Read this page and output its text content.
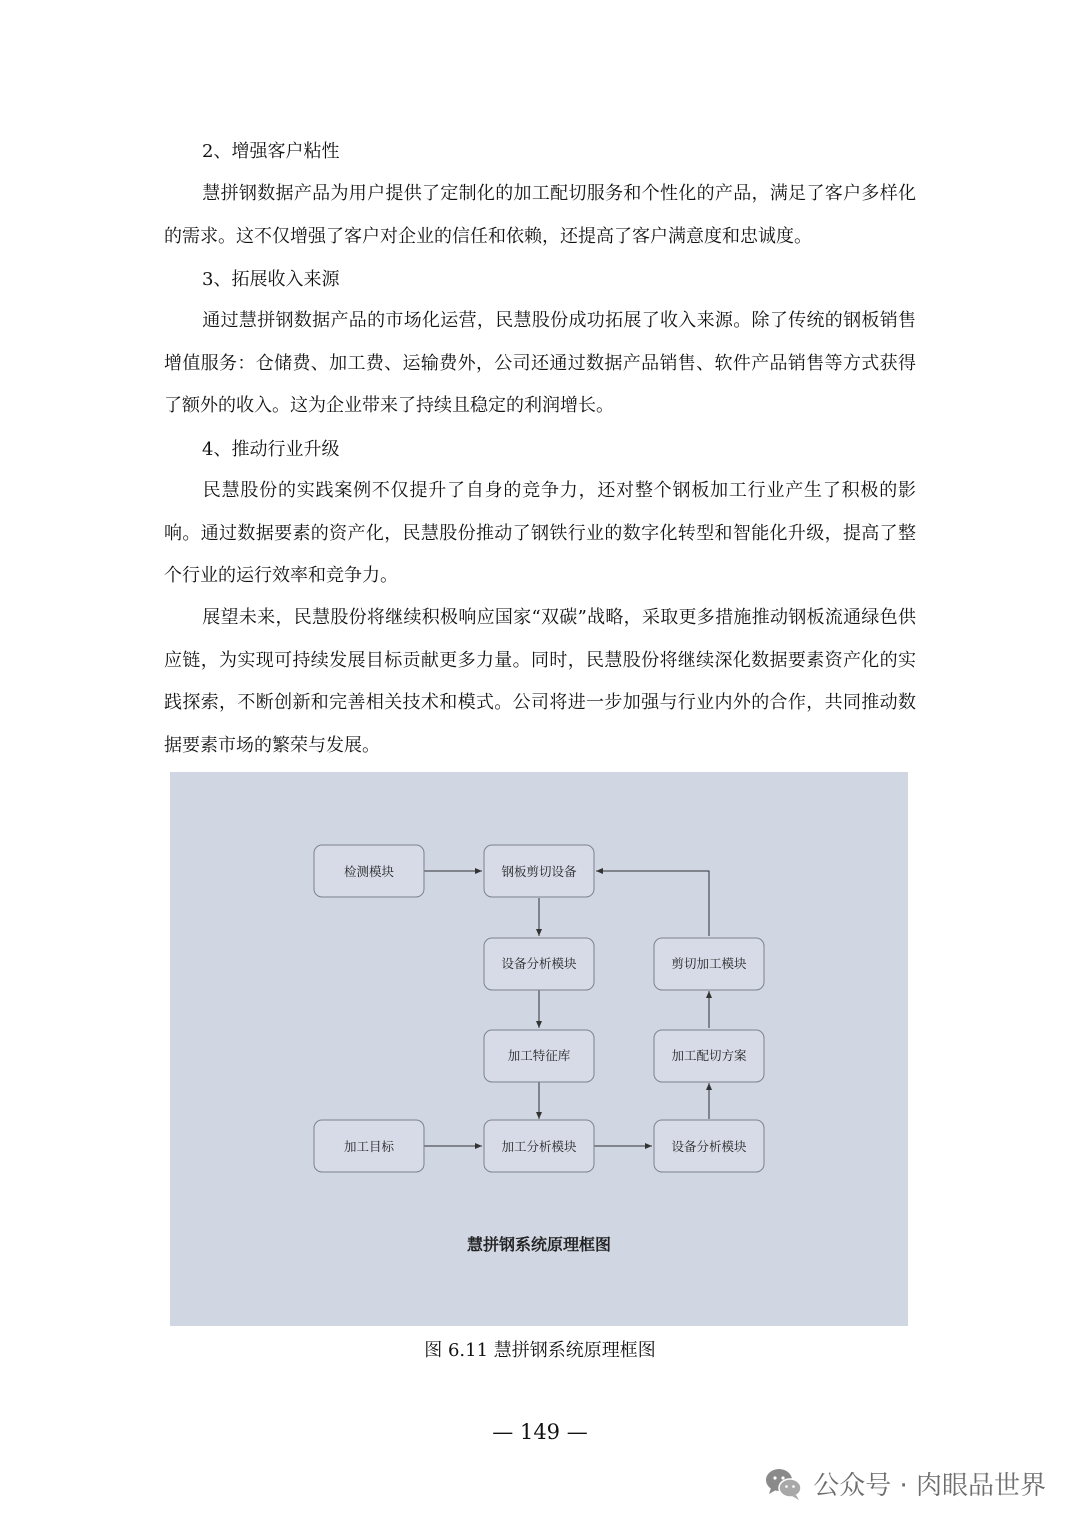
2、增强客户粘性

慧拼钢数据产品为用户提供了定制化的加工配切服务和个性化的产品，满足了客户多样化的需求。这不仅增强了客户对企业的信任和依赖，还提高了客户满意度和忠诚度。

3、拓展收入来源

通过慧拼钢数据产品的市场化运营，民慧股份成功拓展了收入来源。除了传统的钢板销售增值服务：仓储费、加工费、运输费外，公司还通过数据产品销售、软件产品销售等方式获得了额外的收入。这为企业带来了持续且稳定的利润增长。

4、推动行业升级

民慧股份的实践案例不仅提升了自身的竞争力，还对整个钢板加工行业产生了积极的影响。通过数据要素的资产化，民慧股份推动了钢铁行业的数字化转型和智能化升级，提高了整个行业的运行效率和竞争力。

展望未来，民慧股份将继续积极响应国家“双碳”战略，采取更多措施推动钢板流通绿色供应链，为实现可持续发展目标贡献更多力量。同时，民慧股份将继续深化数据要素资产化的实践探索，不断创新和完善相关技术和模式。公司将进一步加强与行业内外的合作，共同推动数据要素市场的繁荣与发展。

检测模块	钢板剪切设备
设备分析模块
加工特征库
加工分析模块
加工目标	设备分析模块
加工配切方案
剪切加工模块
慧拼钢系统原理框图
图 6.11 慧拼钢系统原理框图
— 149 —
公众号 · 肉眼品世界
